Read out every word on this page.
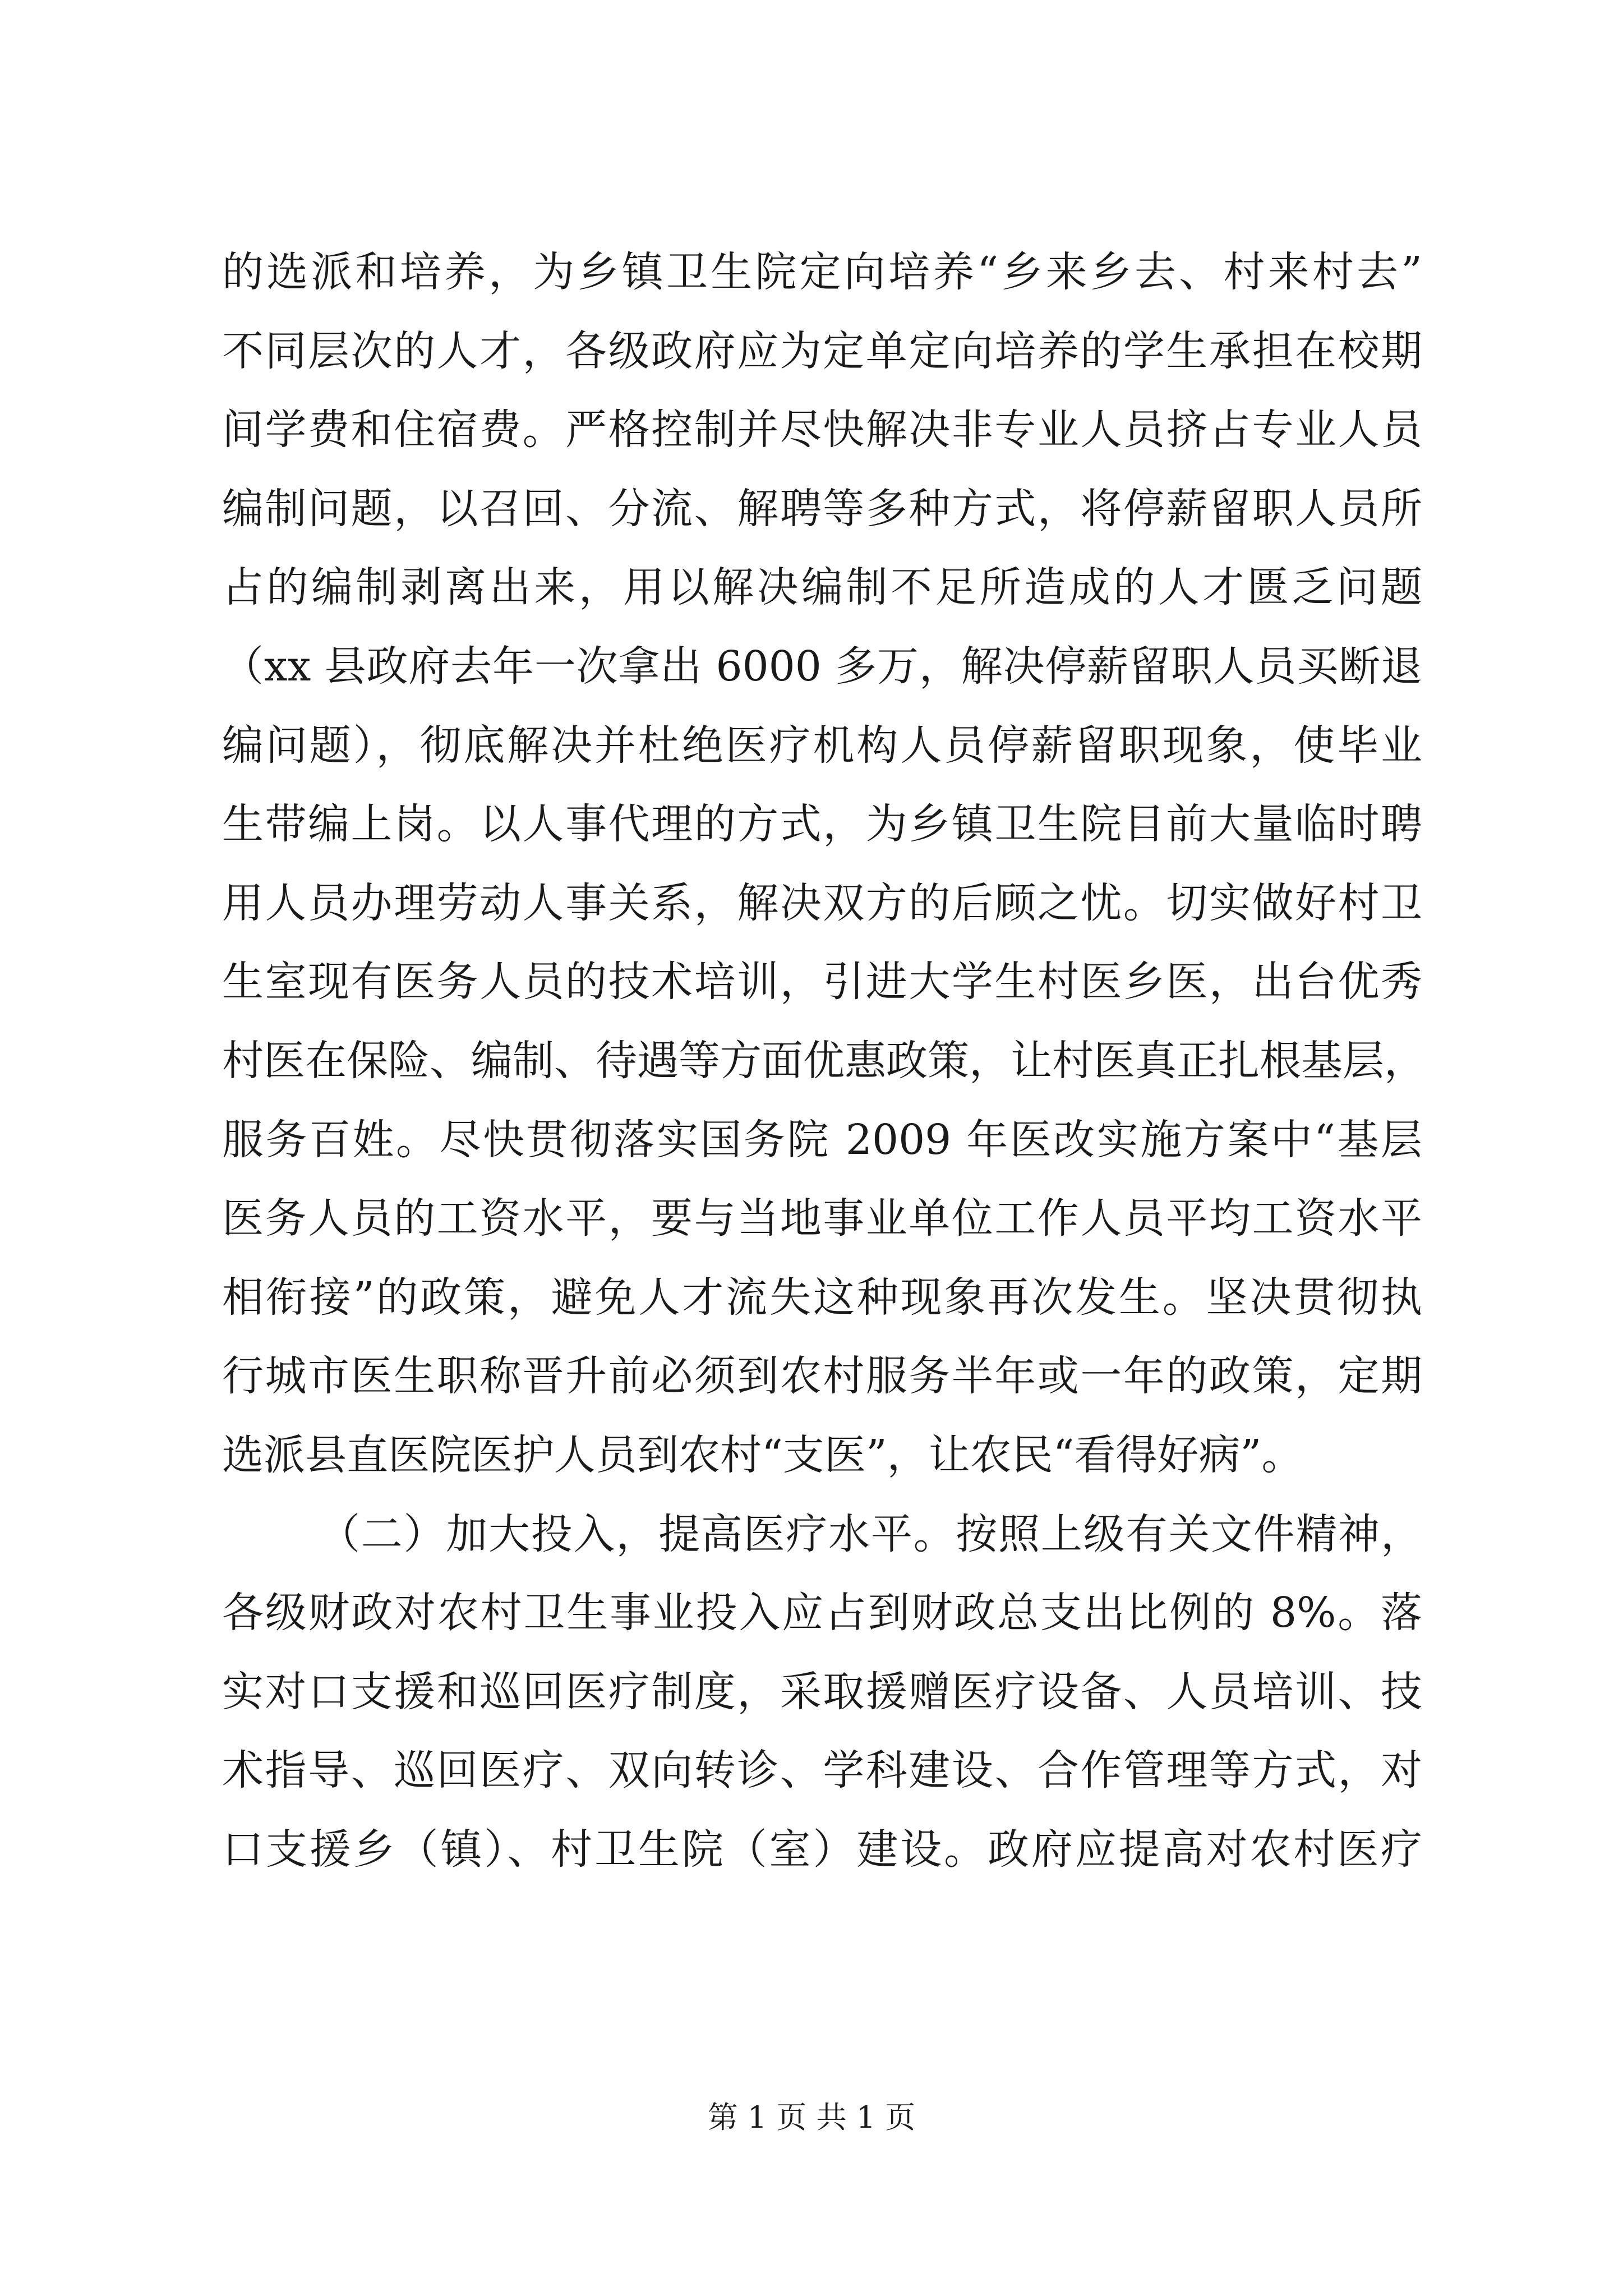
的选派和培养，为乡镇卫生院定向培养“乡来乡去、村来村去”
不同层次的人才，各级政府应为定单定向培养的学生承担在校期
间学费和住宿费。严格控制并尽快解决非专业人员挤占专业人员
编制问题，以召回、分流、解聘等多种方式，将停薪留职人员所
占的编制剥离出来，用以解决编制不足所造成的人才匮乏问题
（xx 县政府去年一次拿出 6000 多万，解决停薪留职人员买断退
编问题），彻底解决并杜绝医疗机构人员停薪留职现象，使毕业
生带编上岗。以人事代理的方式，为乡镇卫生院目前大量临时聘
用人员办理劳动人事关系，解决双方的后顾之忧。切实做好村卫
生室现有医务人员的技术培训，引进大学生村医乡医，出台优秀
村医在保险、编制、待遇等方面优惠政策，让村医真正扎根基层，
服务百姓。尽快贯彻落实国务院 2009 年医改实施方案中“基层
医务人员的工资水平，要与当地事业单位工作人员平均工资水平
相衔接”的政策，避免人才流失这种现象再次发生。坚决贯彻执
行城市医生职称晋升前必须到农村服务半年或一年的政策，定期
选派县直医院医护人员到农村“支医”，让农民“看得好病”。
（二）加大投入，提高医疗水平。按照上级有关文件精神，
各级财政对农村卫生事业投入应占到财政总支出比例的 8%。落
实对口支援和巡回医疗制度，采取援赠医疗设备、人员培训、技
术指导、巡回医疗、双向转诊、学科建设、合作管理等方式，对
口支援乡（镇）、村卫生院（室）建设。政府应提高对农村医疗
第 1 页 共 1 页
